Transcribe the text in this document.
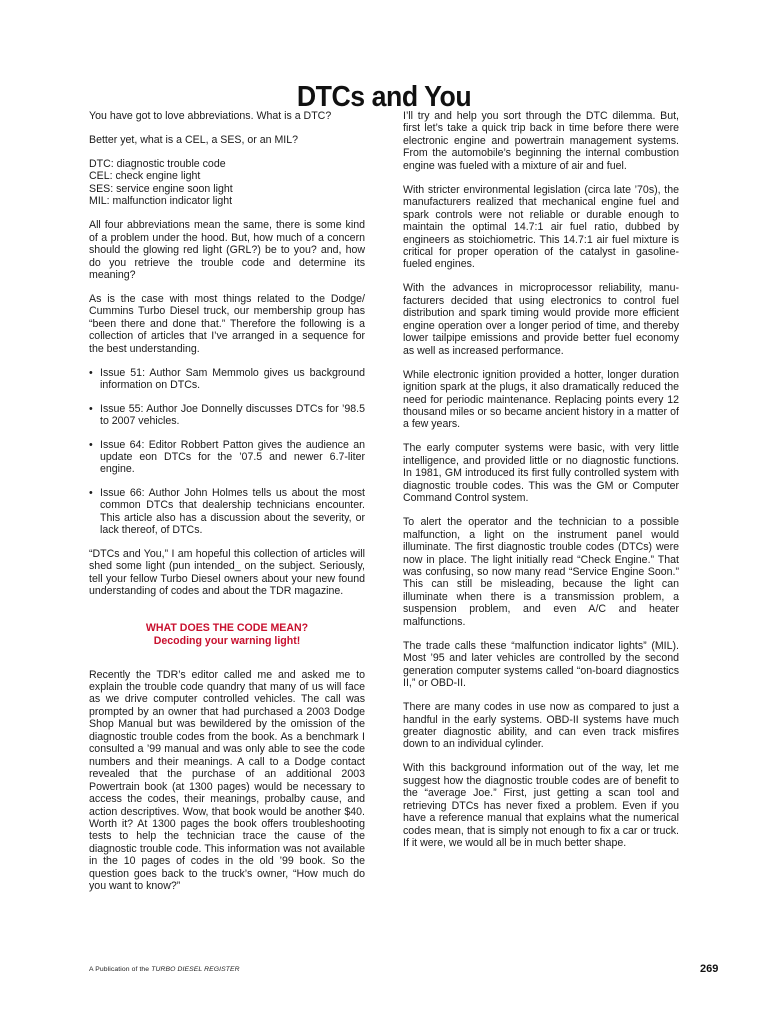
DTCs and You

You have got to love abbreviations. What is a DTC?

Better yet, what is a CEL, a SES, or an MIL?

DTC: diagnostic trouble code
CEL: check engine light
SES: service engine soon light
MIL: malfunction indicator light

All four abbreviations mean the same, there is some kind of a problem under the hood. But, how much of a concern should the glowing red light (GRL?) be to you? and, how do you retrieve the trouble code and determine its meaning?

As is the case with most things related to the Dodge/ Cummins Turbo Diesel truck, our membership group has “been there and done that.” Therefore the following is a collection of articles that I’ve arranged in a sequence for the best understanding.

• Issue 51: Author Sam Memmolo gives us background information on DTCs.
• Issue 55: Author Joe Donnelly discusses DTCs for ’98.5 to 2007 vehicles.
• Issue 64: Editor Robbert Patton gives the audience an update eon DTCs for the ’07.5 and newer 6.7-liter engine.
• Issue 66: Author John Holmes tells us about the most common DTCs that dealership technicians encounter. This article also has a discussion about the severity, or lack thereof, of DTCs.

“DTCs and You,” I am hopeful this collection of articles will shed some light (pun intended_ on the subject. Seriously, tell your fellow Turbo Diesel owners about your new found understanding of codes and about the TDR magazine.

WHAT DOES THE CODE MEAN?
Decoding your warning light!

Recently the TDR’s editor called me and asked me to explain the trouble code quandry that many of us will face as we drive computer controlled vehicles. The call was prompted by an owner that had purchased a 2003 Dodge Shop Manual but was bewildered by the omission of the diagnostic trouble codes from the book. As a benchmark I consulted a ’99 manual and was only able to see the code numbers and their meanings. A call to a Dodge contact revealed that the purchase of an additional 2003 Powertrain book (at 1300 pages) would be necessary to access the codes, their meanings, probalby cause, and action descriptives. Wow, that book would be another $40. Worth it? At 1300 pages the book offers troubleshooting tests to help the technician trace the cause of the diagnostic trouble code. This information was not available in the 10 pages of codes in the old ’99 book. So the question goes back to the truck’s owner, “How much do you want to know?”

I’ll try and help you sort through the DTC dilemma. But, first let’s take a quick trip back in time before there were electronic engine and powertrain management systems. From the automobile’s beginning the internal combustion engine was fueled with a mixture of air and fuel.

With stricter environmental legislation (circa late ’70s), the manufacturers realized that mechanical engine fuel and spark controls were not reliable or durable enough to maintain the optimal 14.7:1 air fuel ratio, dubbed by engineers as stoichiometric. This 14.7:1 air fuel mixture is critical for proper operation of the catalyst in gasoline-fueled engines.

With the advances in microprocessor reliability, manu-facturers decided that using electronics to control fuel distribution and spark timing would provide more efficient engine operation over a longer period of time, and thereby lower tailpipe emissions and provide better fuel economy as well as increased performance.

While electronic ignition provided a hotter, longer duration ignition spark at the plugs, it also dramatically reduced the need for periodic maintenance. Replacing points every 12 thousand miles or so became ancient history in a matter of a few years.

The early computer systems were basic, with very little intelligence, and provided little or no diagnostic functions. In 1981, GM introduced its first fully controlled system with diagnostic trouble codes. This was the GM or Computer Command Control system.

To alert the operator and the technician to a possible malfunction, a light on the instrument panel would illuminate. The first diagnostic trouble codes (DTCs) were now in place. The light initially read “Check Engine.” That was confusing, so now many read “Service Engine Soon.” This can still be misleading, because the light can illuminate when there is a transmission problem, a suspension problem, and even A/C and heater malfunctions.

The trade calls these “malfunction indicator lights” (MIL). Most ’95 and later vehicles are controlled by the second generation computer systems called “on-board diagnostics II,” or OBD-II.

There are many codes in use now as compared to just a handful in the early systems. OBD-II systems have much greater diagnostic ability, and can even track misfires down to an individual cylinder.

With this background information out of the way, let me suggest how the diagnostic trouble codes are of benefit to the “average Joe.” First, just getting a scan tool and retrieving DTCs has never fixed a problem. Even if you have a reference manual that explains what the numerical codes mean, that is simply not enough to fix a car or truck. If it were, we would all be in much better shape.

A Publication of the TURBO DIESEL REGISTER	269
